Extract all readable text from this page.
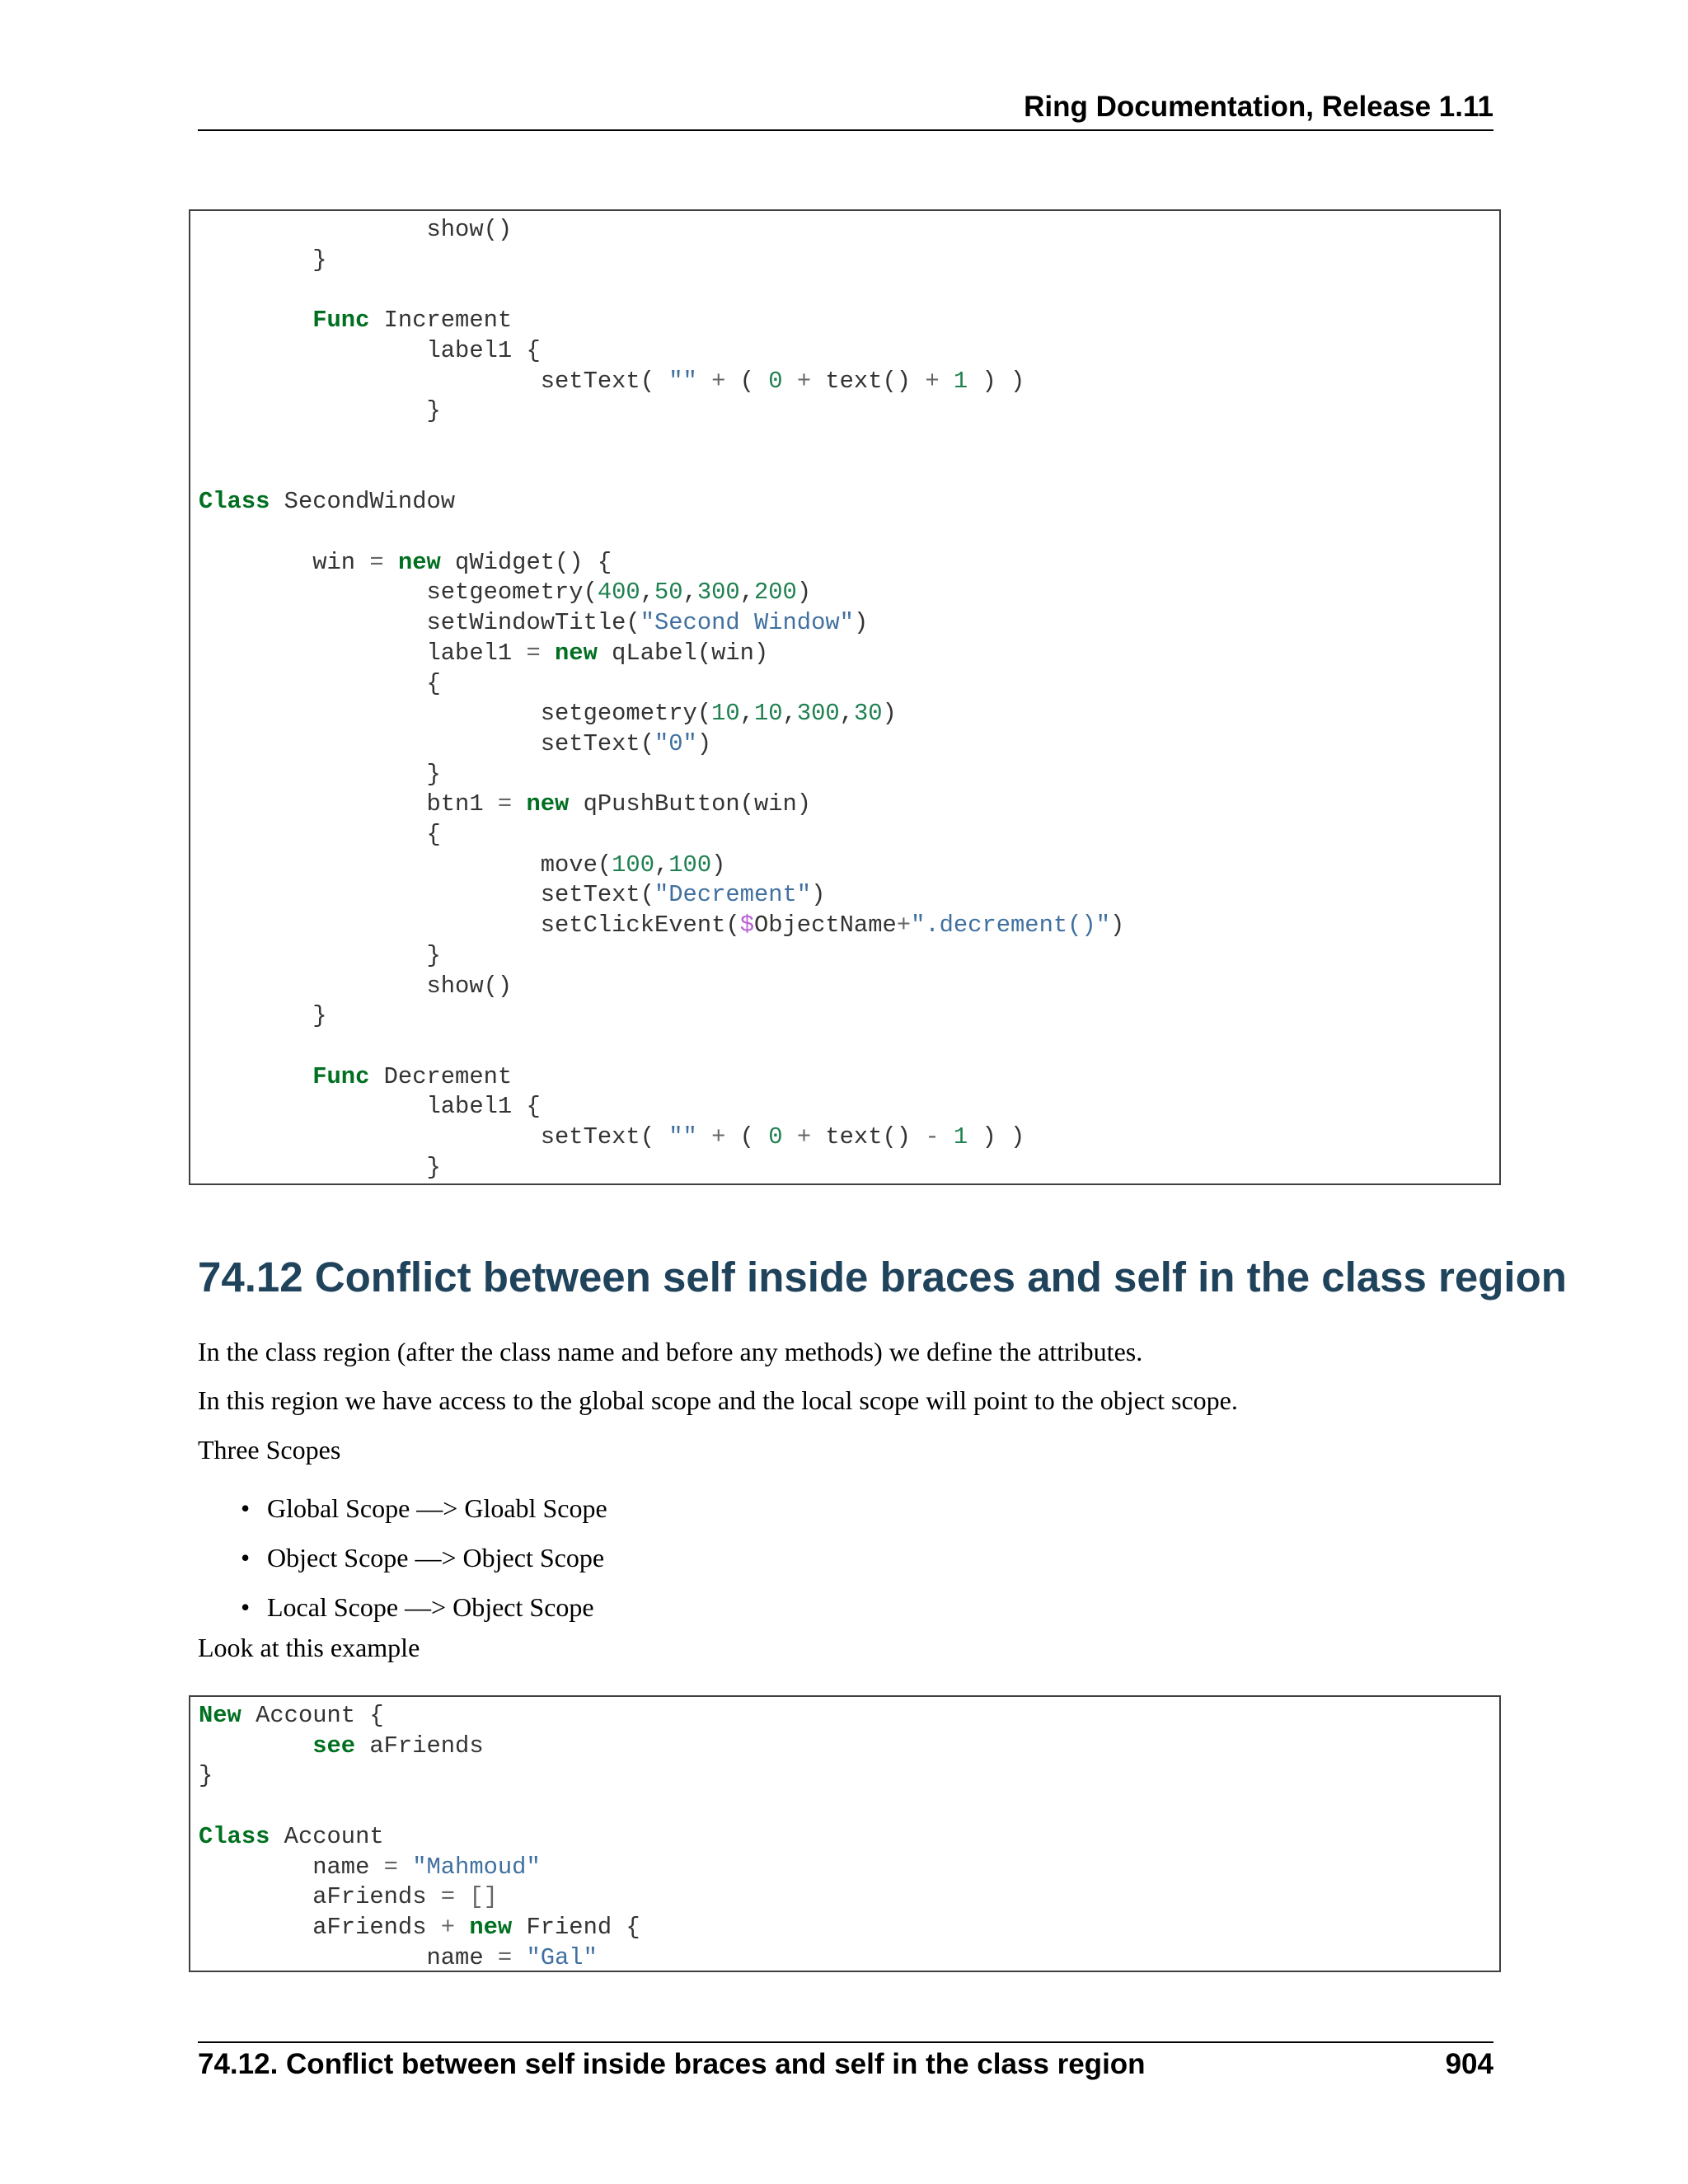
Ring Documentation, Release 1.11
show()
}

Func Increment
label1 {
setText( "" + ( 0 + text() + 1 ) )
}

Class SecondWindow

win = new qWidget() {
setgeometry(400,50,300,200)
setWindowTitle("Second Window")
label1 = new qLabel(win)
{
setgeometry(10,10,300,30)
setText("0")
}
btn1 = new qPushButton(win)
{
move(100,100)
setText("Decrement")
setClickEvent($ObjectName+".decrement()")
}
show()
}

Func Decrement
label1 {
setText( "" + ( 0 + text() - 1 ) )
}
74.12 Conflict between self inside braces and self in the class region

In the class region (after the class name and before any methods) we define the attributes.

In this region we have access to the global scope and the local scope will point to the object scope.

Three Scopes

• Global Scope —> Gloabl Scope
• Object Scope —> Object Scope
• Local Scope —> Object Scope

Look at this example

New Account {
see aFriends
}

Class Account
name = "Mahmoud"
aFriends = []
aFriends + new Friend {
name = "Gal"
74.12. Conflict between self inside braces and self in the class region	904
